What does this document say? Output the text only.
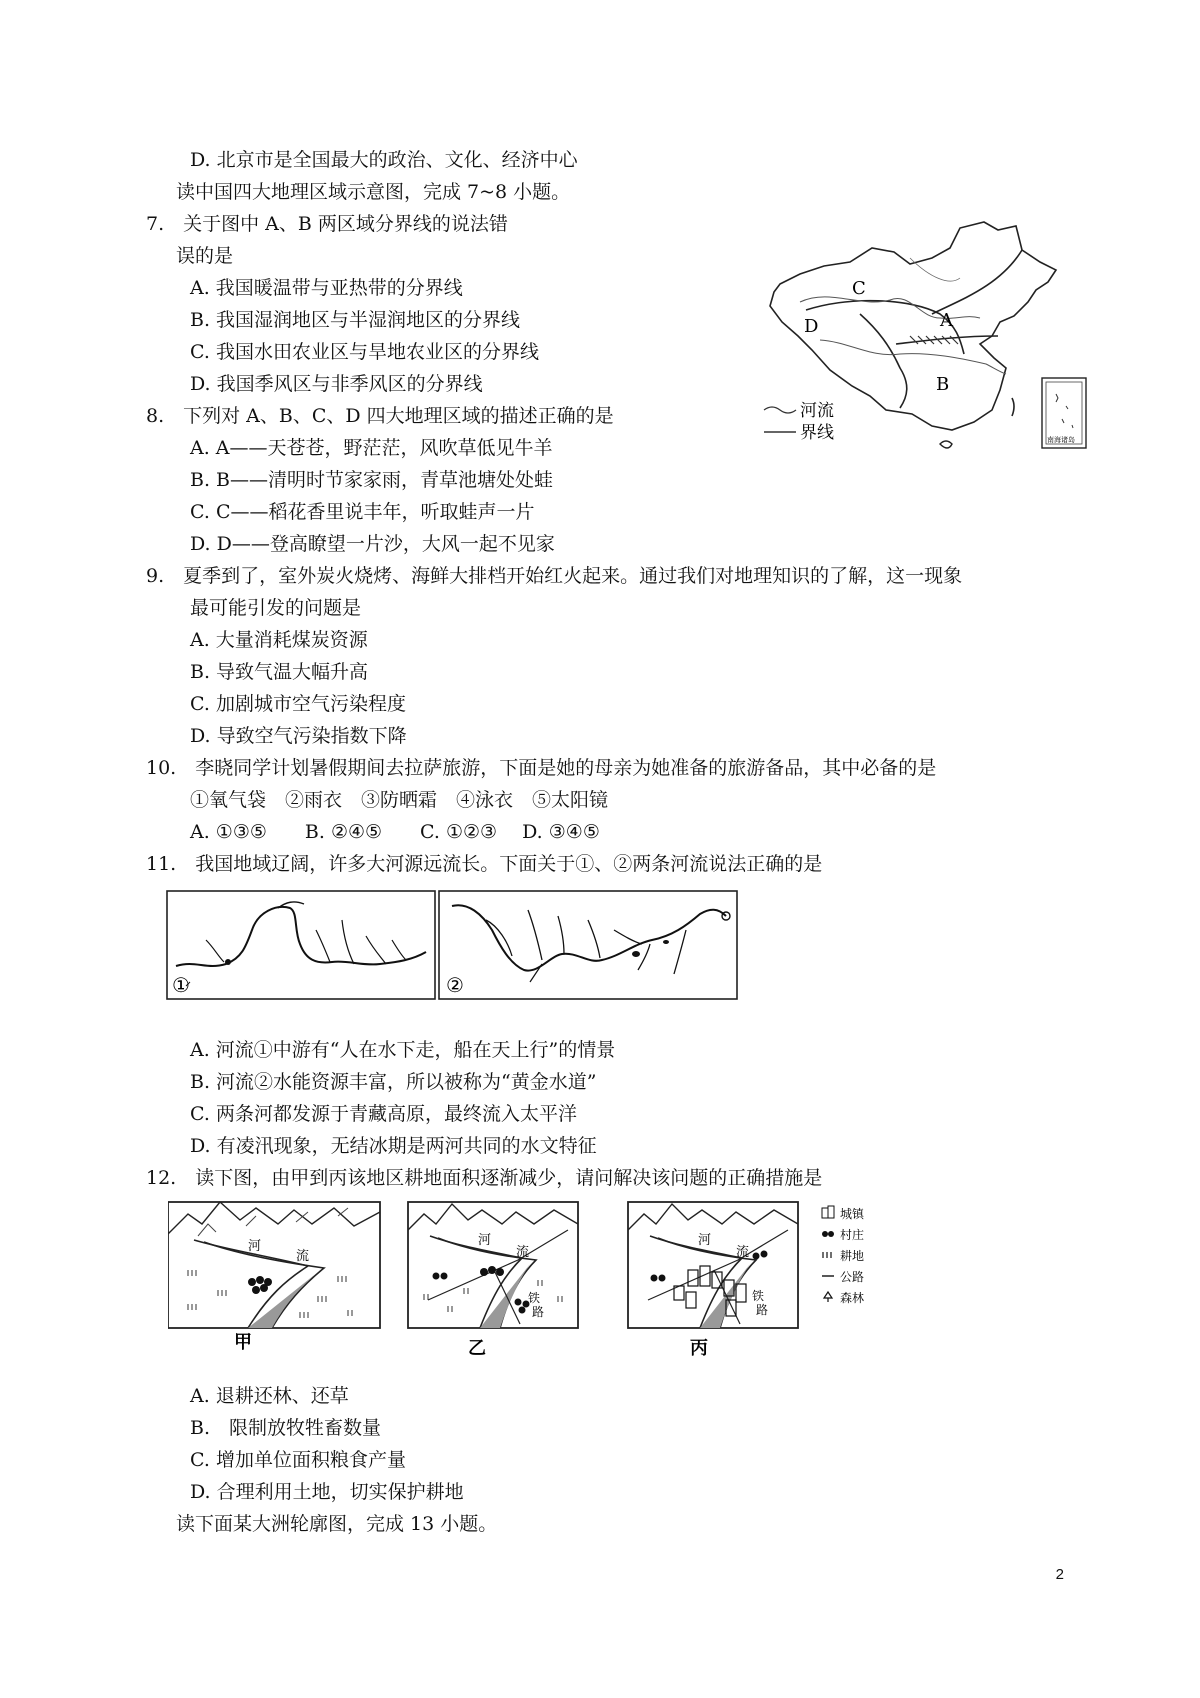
D. 北京市是全国最大的政治、文化、经济中心
读中国四大地理区域示意图，完成 7~8 小题。
7.　关于图中 A、B 两区域分界线的说法错
误的是
A. 我国暖温带与亚热带的分界线
B. 我国湿润地区与半湿润地区的分界线
C. 我国水田农业区与旱地农业区的分界线
D. 我国季风区与非季风区的分界线
8.　下列对 A、B、C、D 四大地理区域的描述正确的是
A. A——天苍苍，野茫茫，风吹草低见牛羊
B. B——清明时节家家雨，青草池塘处处蛙
C. C——稻花香里说丰年，听取蛙声一片
D. D——登高瞭望一片沙，大风一起不见家
9.　夏季到了，室外炭火烧烤、海鲜大排档开始红火起来。通过我们对地理知识的了解，这一现象
最可能引发的问题是
A. 大量消耗煤炭资源
B. 导致气温大幅升高
C. 加剧城市空气污染程度
D. 导致空气污染指数下降
10.　李晓同学计划暑假期间去拉萨旅游，下面是她的母亲为她准备的旅游备品，其中必备的是
①氧气袋　②雨衣　③防晒霜　④泳衣　⑤太阳镜
A. ①③⑤　　B. ②④⑤　　C. ①②③　 D. ③④⑤
11.　我国地域辽阔，许多大河源远流长。下面关于①、②两条河流说法正确的是
A. 河流①中游有“人在水下走，船在天上行”的情景
B. 河流②水能资源丰富，所以被称为“黄金水道”
C. 两条河都发源于青藏高原，最终流入太平洋
D. 有凌汛现象，无结冰期是两河共同的水文特征
12.　读下图，由甲到丙该地区耕地面积逐渐减少，请问解决该问题的正确措施是
A. 退耕还林、还草
B.　限制放牧牲畜数量
C. 增加单位面积粮食产量
D. 合理利用土地，切实保护耕地
读下面某大洲轮廓图，完成 13 小题。
C
D	A
B
河流
界线	南海诸岛
①	②
河
流
甲
河
流
铁
路
乙
河
流
铁
路
丙
城镇
村庄
耕地
公路
森林
2
